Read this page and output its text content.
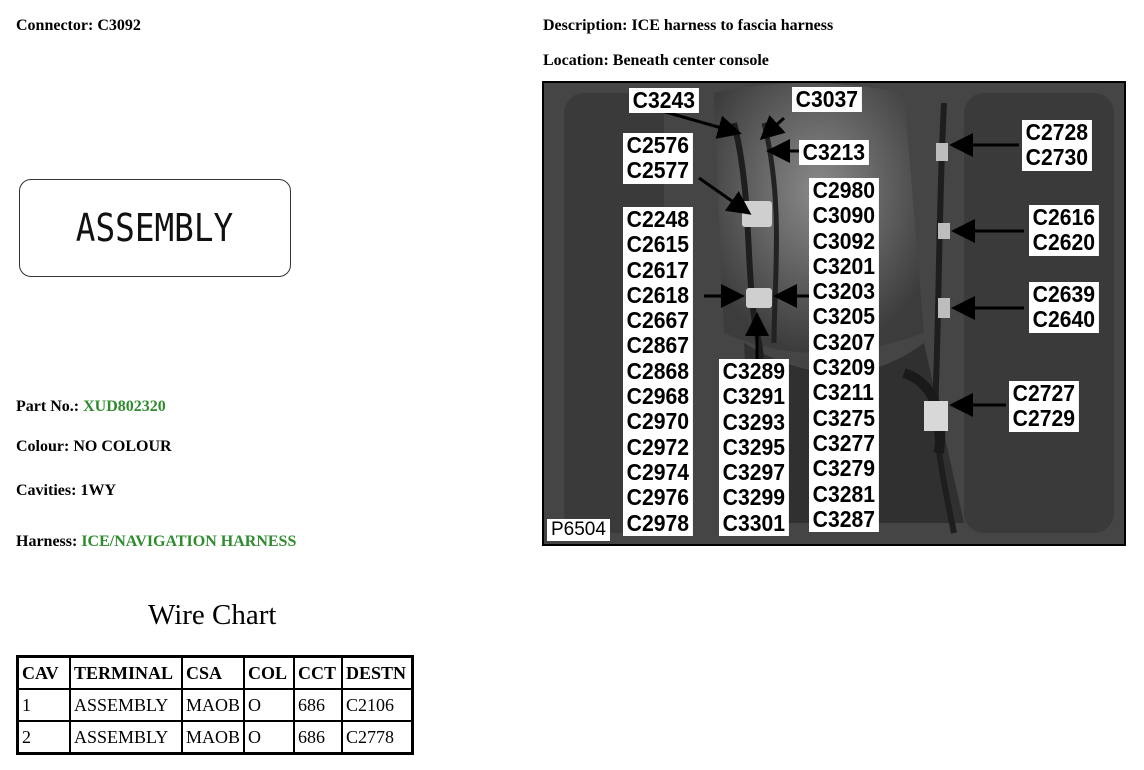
Connector: C3092	Description: ICE harness to fascia harness
Location: Beneath center console
ASSEMBLY
Part No.: XUD802320
Colour: NO COLOUR
Cavities: 1WY
Harness: ICE/NAVIGATION HARNESS
Wire Chart
CAV	TERMINAL	CSA	COL	CCT	DESTN
1	ASSEMBLY	MAOB	O	686	C2106
2	ASSEMBLY	MAOB	O	686	C2778
C3243	C3037
C3213
C2576
C2577
C2728
C2730
C2980
C3090
C3092
C3201
C3203
C3205
C3207
C3209
C3211
C3275
C3277
C3279
C3281
C3287
C2248
C2615
C2617
C2618
C2667
C2867
C2868
C2968
C2970
C2972
C2974
C2976
C2978
C2616
C2620
C2639
C2640
C3289
C3291
C3293
C3295
C3297
C3299
C3301
C2727
C2729
P6504
